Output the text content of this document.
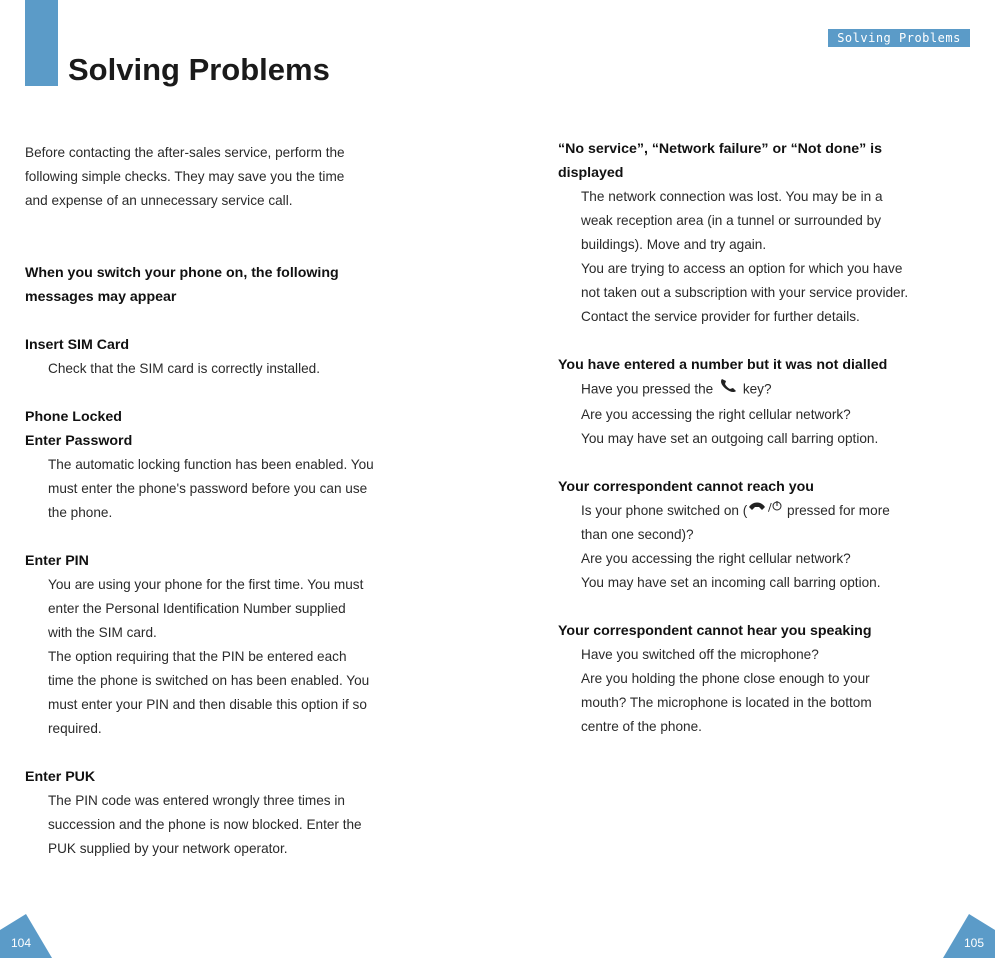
Solving Problems
Solving Problems

Before contacting the after-sales service, perform the

following simple checks. They may save you the time

and expense of an unnecessary service call.

When you switch your phone on, the following

messages may appear

Insert SIM Card

Check that the SIM card is correctly installed.

Phone Locked

Enter Password

The automatic locking function has been enabled. You

must enter the phone's password before you can use

the phone.

Enter PIN

You are using your phone for the first time. You must

enter the Personal Identification Number supplied

with the SIM card.

The option requiring that the PIN be entered each

time the phone is switched on has been enabled. You

must enter your PIN and then disable this option if so

required.

Enter PUK

The PIN code was entered wrongly three times in

succession and the phone is now blocked. Enter the

PUK supplied by your network operator.

“No service”, “Network failure” or “Not done” is

displayed

The network connection was lost. You may be in a

weak reception area (in a tunnel or surrounded by

buildings). Move and try again.

You are trying to access an option for which you have

not taken out a subscription with your service provider.

Contact the service provider for further details.

You have entered a number but it was not dialled

Have you pressed the key?

Are you accessing the right cellular network?

You may have set an outgoing call barring option.

Your correspondent cannot reach you

Is your phone switched on ( / pressed for more

than one second)?

Are you accessing the right cellular network?

You may have set an incoming call barring option.

Your correspondent cannot hear you speaking

Have you switched off the microphone?

Are you holding the phone close enough to your

mouth? The microphone is located in the bottom

centre of the phone.

104	105
